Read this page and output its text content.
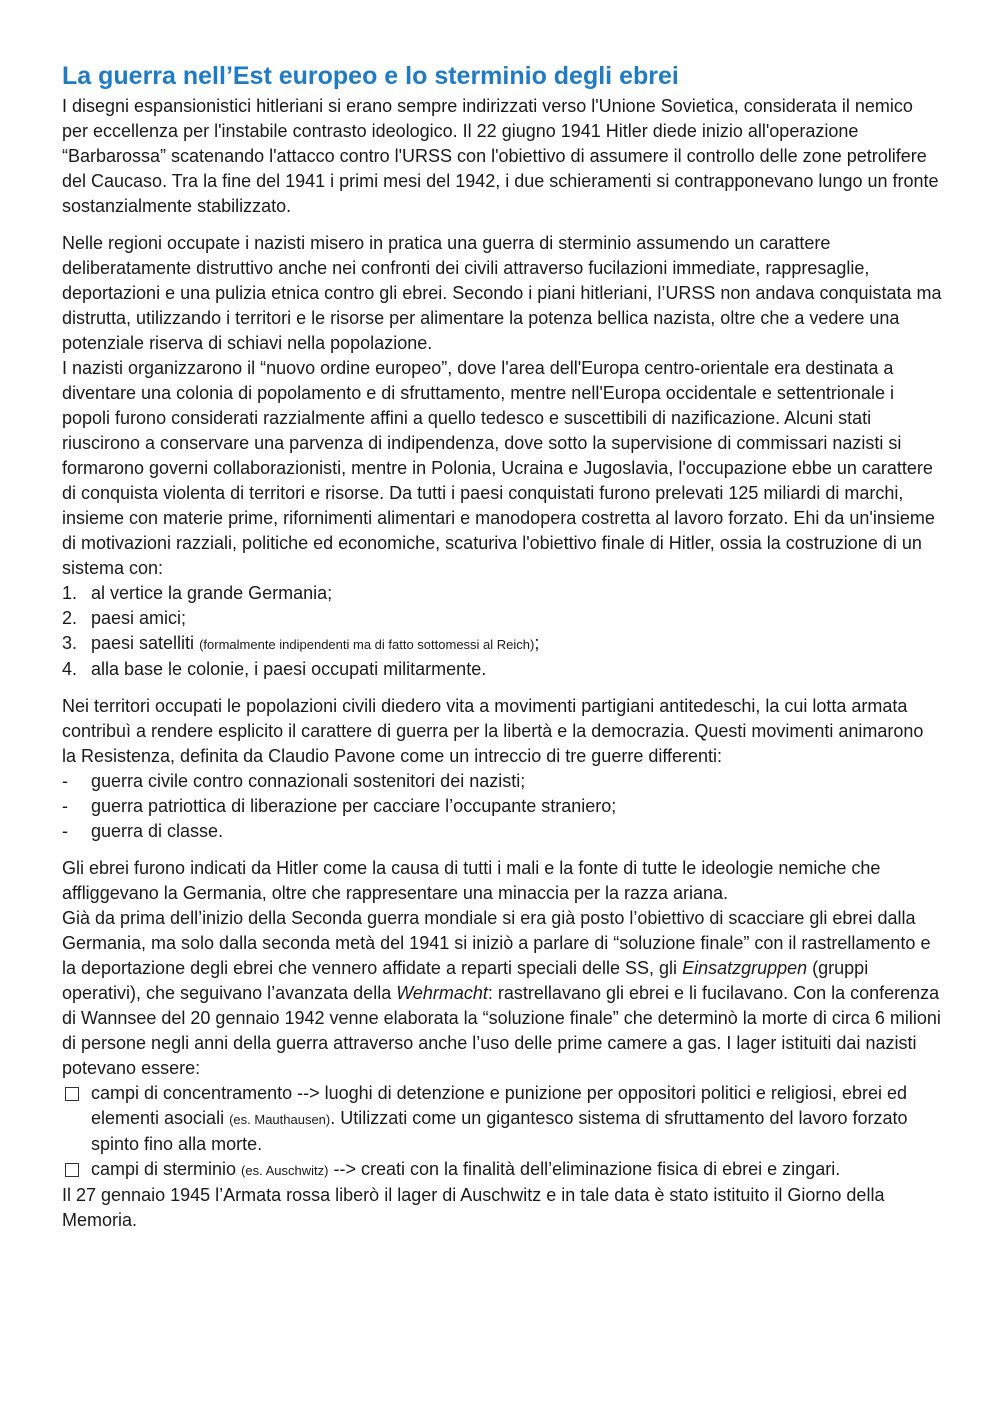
La guerra nell’Est europeo e lo sterminio degli ebrei

I disegni espansionistici hitleriani si erano sempre indirizzati verso l'Unione Sovietica, considerata il nemico per eccellenza per l'instabile contrasto ideologico. Il 22 giugno 1941 Hitler diede inizio all'operazione “Barbarossa” scatenando l'attacco contro l'URSS con l'obiettivo di assumere il controllo delle zone petrolifere del Caucaso. Tra la fine del 1941 i primi mesi del 1942, i due schieramenti si contrapponevano lungo un fronte sostanzialmente stabilizzato.

Nelle regioni occupate i nazisti misero in pratica una guerra di sterminio assumendo un carattere deliberatamente distruttivo anche nei confronti dei civili attraverso fucilazioni immediate, rappresaglie, deportazioni e una pulizia etnica contro gli ebrei. Secondo i piani hitleriani, l’URSS non andava conquistata ma distrutta, utilizzando i territori e le risorse per alimentare la potenza bellica nazista, oltre che a vedere una potenziale riserva di schiavi nella popolazione.

I nazisti organizzarono il “nuovo ordine europeo”, dove l'area dell'Europa centro-orientale era destinata a diventare una colonia di popolamento e di sfruttamento, mentre nell'Europa occidentale e settentrionale i popoli furono considerati razzialmente affini a quello tedesco e suscettibili di nazificazione. Alcuni stati riuscirono a conservare una parvenza di indipendenza, dove sotto la supervisione di commissari nazisti si formarono governi collaborazionisti, mentre in Polonia, Ucraina e Jugoslavia, l'occupazione ebbe un carattere di conquista violenta di territori e risorse. Da tutti i paesi conquistati furono prelevati 125 miliardi di marchi, insieme con materie prime, rifornimenti alimentari e manodopera costretta al lavoro forzato. Ehi da un'insieme di motivazioni razziali, politiche ed economiche, scaturiva l'obiettivo finale di Hitler, ossia la costruzione di un sistema con:

1. al vertice la grande Germania;
2. paesi amici;
3. paesi satelliti (formalmente indipendenti ma di fatto sottomessi al Reich);
4. alla base le colonie, i paesi occupati militarmente.

Nei territori occupati le popolazioni civili diedero vita a movimenti partigiani antitedeschi, la cui lotta armata contribuì a rendere esplicito il carattere di guerra per la libertà e la democrazia. Questi movimenti animarono la Resistenza, definita da Claudio Pavone come un intreccio di tre guerre differenti:

- guerra civile contro connazionali sostenitori dei nazisti;
- guerra patriottica di liberazione per cacciare l’occupante straniero;
- guerra di classe.

Gli ebrei furono indicati da Hitler come la causa di tutti i mali e la fonte di tutte le ideologie nemiche che affliggevano la Germania, oltre che rappresentare una minaccia per la razza ariana.

Già da prima dell’inizio della Seconda guerra mondiale si era già posto l’obiettivo di scacciare gli ebrei dalla Germania, ma solo dalla seconda metà del 1941 si iniziò a parlare di “soluzione finale” con il rastrellamento e la deportazione degli ebrei che vennero affidate a reparti speciali delle SS, gli Einsatzgruppen (gruppi operativi), che seguivano l’avanzata della Wehrmacht: rastrellavano gli ebrei e li fucilavano. Con la conferenza di Wannsee del 20 gennaio 1942 venne elaborata la “soluzione finale” che determinò la morte di circa 6 milioni di persone negli anni della guerra attraverso anche l’uso delle prime camere a gas. I lager istituiti dai nazisti potevano essere:

campi di concentramento --> luoghi di detenzione e punizione per oppositori politici e religiosi, ebrei ed elementi asociali (es. Mauthausen). Utilizzati come un gigantesco sistema di sfruttamento del lavoro forzato spinto fino alla morte.
campi di sterminio (es. Auschwitz) --> creati con la finalità dell’eliminazione fisica di ebrei e zingari.

Il 27 gennaio 1945 l’Armata rossa liberò il lager di Auschwitz e in tale data è stato istituito il Giorno della Memoria.
